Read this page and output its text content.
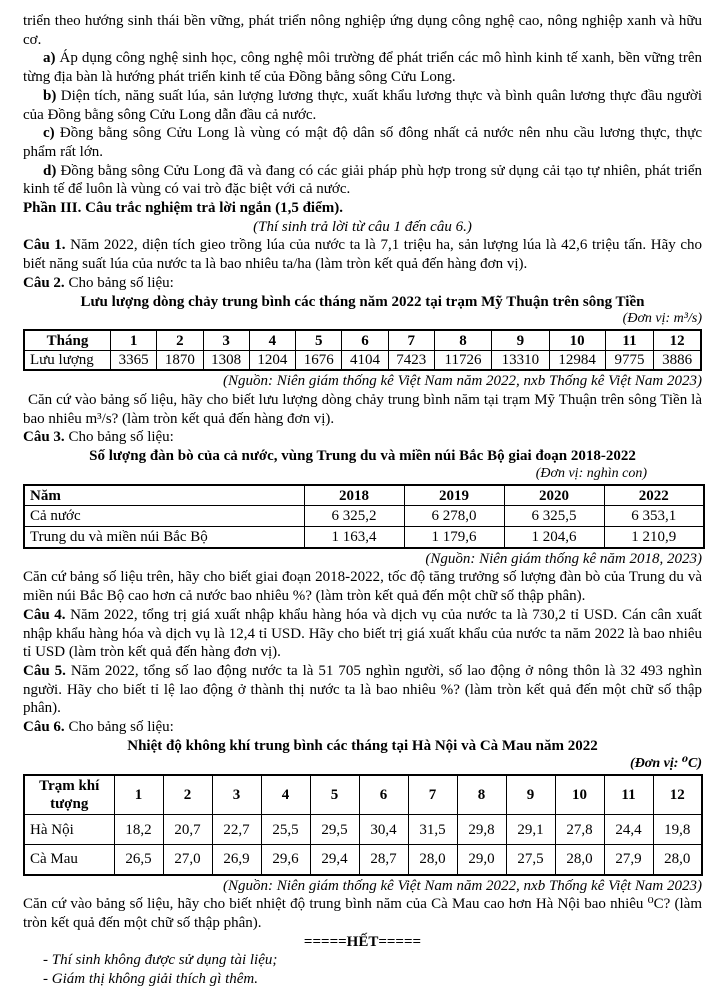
triển theo hướng sinh thái bền vững, phát triển nông nghiệp ứng dụng công nghệ cao, nông nghiệp xanh và hữu cơ.

a) Áp dụng công nghệ sinh học, công nghệ môi trường để phát triển các mô hình kinh tế xanh, bền vững trên từng địa bàn là hướng phát triển kinh tế của Đồng bằng sông Cửu Long.

b) Diện tích, năng suất lúa, sản lượng lương thực, xuất khẩu lương thực và bình quân lương thực đầu người của Đồng bằng sông Cửu Long dẫn đầu cả nước.

c) Đồng bằng sông Cửu Long là vùng có mật độ dân số đông nhất cả nước nên nhu cầu lương thực, thực phẩm rất lớn.

d) Đồng bằng sông Cửu Long đã và đang có các giải pháp phù hợp trong sử dụng cải tạo tự nhiên, phát triển kinh tế để luôn là vùng có vai trò đặc biệt với cả nước.

Phần III. Câu trắc nghiệm trả lời ngắn (1,5 điểm).

(Thí sinh trả lời từ câu 1 đến câu 6.)

Câu 1. Năm 2022, diện tích gieo trồng lúa của nước ta là 7,1 triệu ha, sản lượng lúa là 42,6 triệu tấn. Hãy cho biết năng suất lúa của nước ta là bao nhiêu ta/ha (làm tròn kết quả đến hàng đơn vị).

Câu 2. Cho bảng số liệu:

Lưu lượng dòng chảy trung bình các tháng năm 2022 tại trạm Mỹ Thuận trên sông Tiền

(Đơn vị: m³/s)
Tháng	1	2	3	4	5	6	7	8	9	10	11	12
Lưu lượng	3365	1870	1308	1204	1676	4104	7423	11726	13310	12984	9775	3886
(Nguồn: Niên giám thống kê Việt Nam năm 2022, nxb Thống kê Việt Nam 2023)

Căn cứ vào bảng số liệu, hãy cho biết lưu lượng dòng chảy trung bình năm tại trạm Mỹ Thuận trên sông Tiền là bao nhiêu m³/s? (làm tròn kết quả đến hàng đơn vị).

Câu 3. Cho bảng số liệu:

Số lượng đàn bò của cả nước, vùng Trung du và miền núi Bắc Bộ giai đoạn 2018-2022

(Đơn vị: nghìn con)
Năm	2018	2019	2020	2022
Cả nước	6 325,2	6 278,0	6 325,5	6 353,1
Trung du và miền núi Bắc Bộ	1 163,4	1 179,6	1 204,6	1 210,9
(Nguồn: Niên giám thống kê năm 2018, 2023)

Căn cứ bảng số liệu trên, hãy cho biết giai đoạn 2018-2022, tốc độ tăng trưởng số lượng đàn bò của Trung du và miền núi Bắc Bộ cao hơn cả nước bao nhiêu %? (làm tròn kết quả đến một chữ số thập phân).

Câu 4. Năm 2022, tổng trị giá xuất nhập khẩu hàng hóa và dịch vụ của nước ta là 730,2 tỉ USD. Cán cân xuất nhập khẩu hàng hóa và dịch vụ là 12,4 tỉ USD. Hãy cho biết trị giá xuất khẩu của nước ta năm 2022 là bao nhiêu tỉ USD (làm tròn kết quả đến hàng đơn vị).

Câu 5. Năm 2022, tổng số lao động nước ta là 51 705 nghìn người, số lao động ở nông thôn là 32 493 nghìn người. Hãy cho biết tỉ lệ lao động ở thành thị nước ta là bao nhiêu %? (làm tròn kết quả đến một chữ số thập phân).

Câu 6. Cho bảng số liệu:

Nhiệt độ không khí trung bình các tháng tại Hà Nội và Cà Mau năm 2022

(Đơn vị: ⁰C)
Trạm khí tượng	1	2	3	4	5	6	7	8	9	10	11	12
Hà Nội	18,2	20,7	22,7	25,5	29,5	30,4	31,5	29,8	29,1	27,8	24,4	19,8
Cà Mau	26,5	27,0	26,9	29,6	29,4	28,7	28,0	29,0	27,5	28,0	27,9	28,0
(Nguồn: Niên giám thống kê Việt Nam năm 2022, nxb Thống kê Việt Nam 2023)

Căn cứ vào bảng số liệu, hãy cho biết nhiệt độ trung bình năm của Cà Mau cao hơn Hà Nội bao nhiêu ⁰C? (làm tròn kết quả đến một chữ số thập phân).

=====HẾT=====

- Thí sinh không được sử dụng tài liệu;

- Giám thị không giải thích gì thêm.
